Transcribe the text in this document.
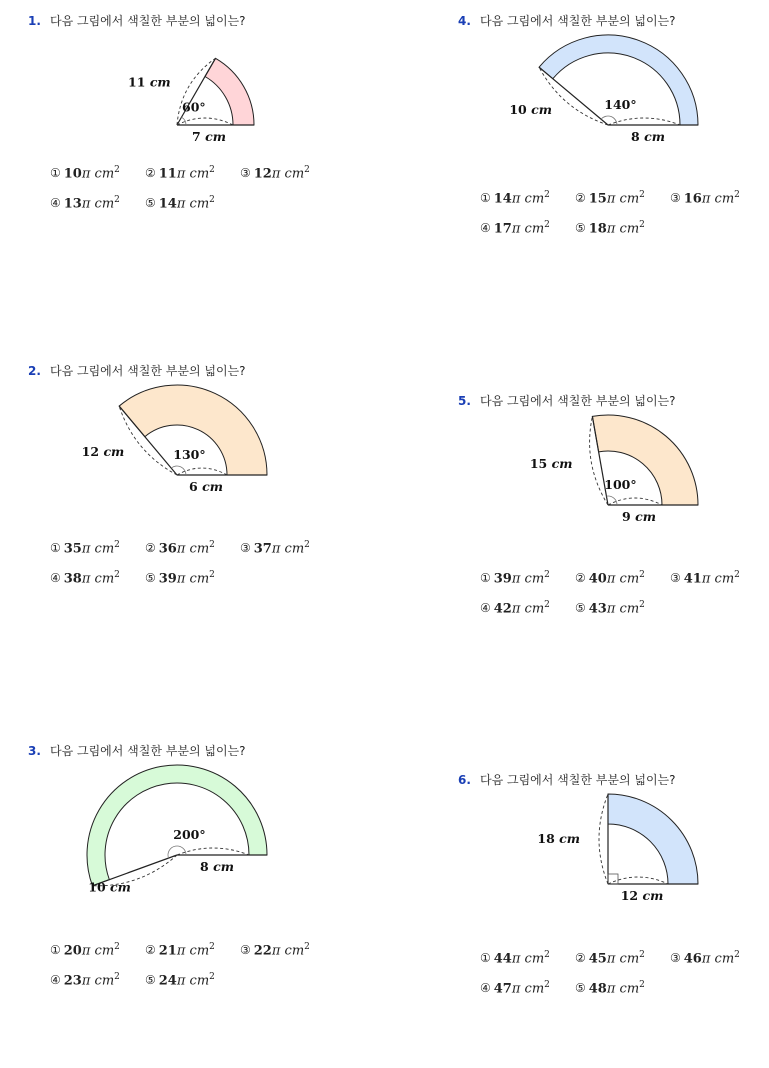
1. 다음 그림에서 색칠한 부분의 넓이는?
11 cm
7 cm
60°
① 10π $cm^2$ ② 11π $cm^2$ ③ 12π $cm^2$
④ 13π $cm^2$ ⑤ 14π $cm^2$
2. 다음 그림에서 색칠한 부분의 넓이는?
12 cm
6 cm
130°
① 35π $cm^2$ ② 36π $cm^2$ ③ 37π $cm^2$
④ 38π $cm^2$ ⑤ 39π $cm^2$
3. 다음 그림에서 색칠한 부분의 넓이는?
10 cm
8 cm
200°
① 20π $cm^2$ ② 21π $cm^2$ ③ 22π $cm^2$
④ 23π $cm^2$ ⑤ 24π $cm^2$
4. 다음 그림에서 색칠한 부분의 넓이는?
10 cm
8 cm
140°
① 14π $cm^2$ ② 15π $cm^2$ ③ 16π $cm^2$
④ 17π $cm^2$ ⑤ 18π $cm^2$
5. 다음 그림에서 색칠한 부분의 넓이는?
15 cm
9 cm
100°
① 39π $cm^2$ ② 40π $cm^2$ ③ 41π $cm^2$
④ 42π $cm^2$ ⑤ 43π $cm^2$
6. 다음 그림에서 색칠한 부분의 넓이는?
18 cm
12 cm
① 44π $cm^2$ ② 45π $cm^2$ ③ 46π $cm^2$
④ 47π $cm^2$ ⑤ 48π $cm^2$
